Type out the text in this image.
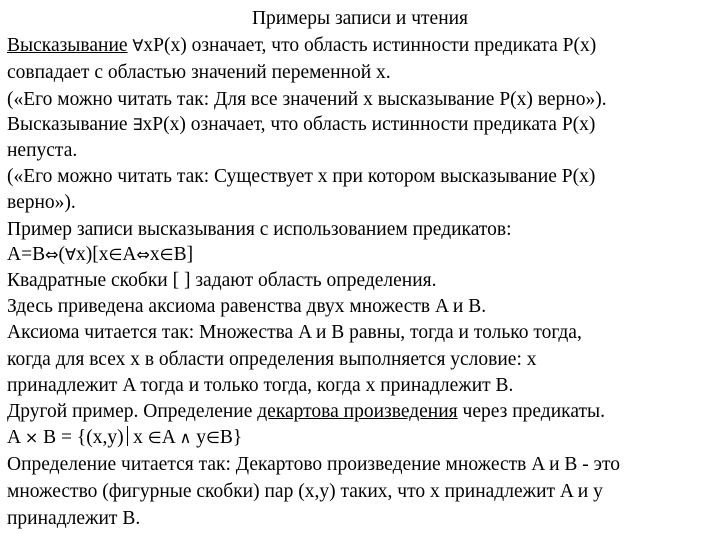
Примеры записи и чтения
Высказывание ∀xP(x) означает, что область истинности предиката P(x)
совпадает с областью значений переменной x.
(«Его можно читать так: Для все значений x высказывание P(x) верно»).
Высказывание ∃xP(x) означает, что область истинности предиката P(x)
непуста.
(«Его можно читать так: Существует x при котором высказывание P(x)
верно»).
Пример записи высказывания с использованием предикатов:
A=B⇔(∀x)[x∈A⇔x∈B]
Квадратные скобки [ ] задают область определения.
Здесь приведена аксиома равенства двух множеств A и B.
Аксиома читается так: Множества A и B равны, тогда и только тогда,
когда для всех x в области определения выполняется условие: x
принадлежит A тогда и только тогда, когда x принадлежит B.
Другой пример. Определение декартова произведения через предикаты.
A × B = {(x,y) x ∈A ∧ y∈B}
Определение читается так: Декартово произведение множеств A и B - это
множество (фигурные скобки) пар (x,y) таких, что x принадлежит A и y
принадлежит B.
